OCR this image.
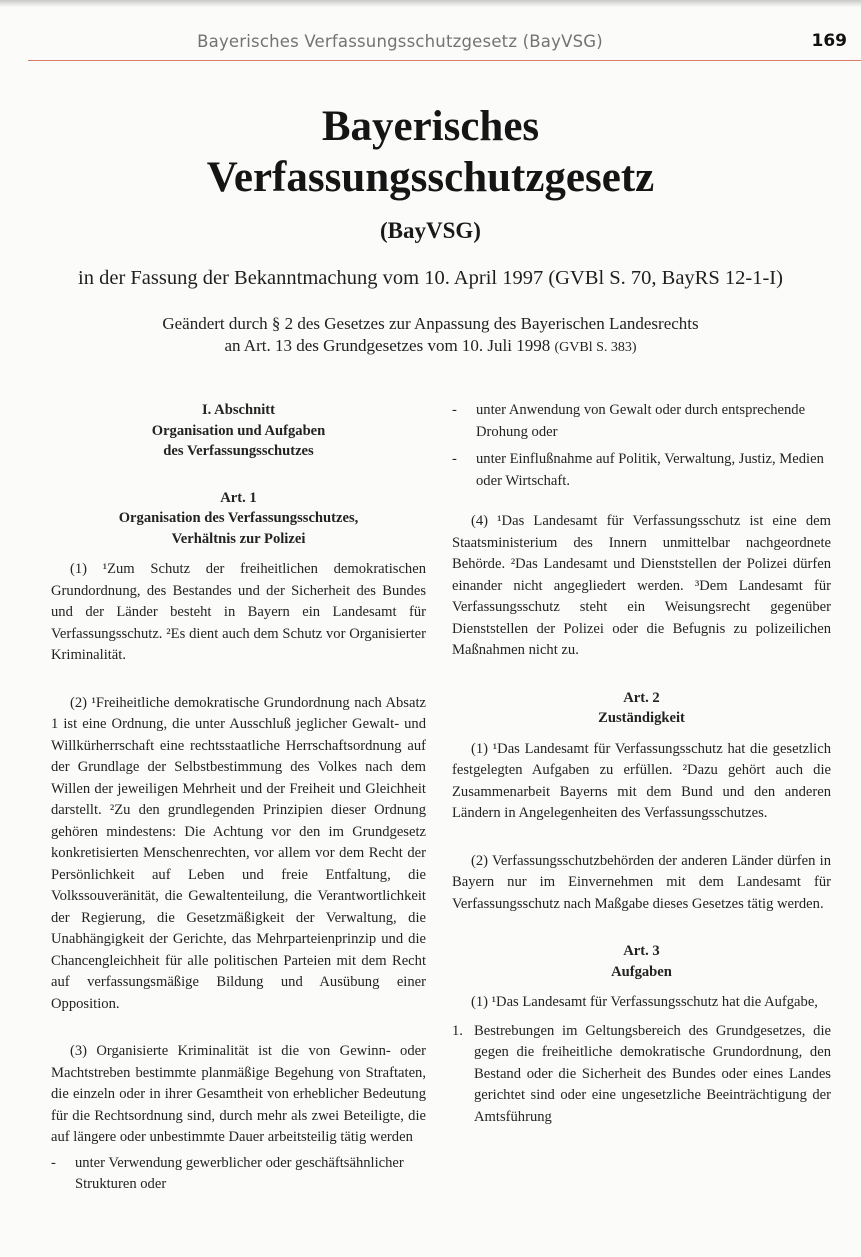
Bayerisches Verfassungsschutzgesetz (BayVSG)	169
Bayerisches
Verfassungsschutzgesetz
(BayVSG)
in der Fassung der Bekanntmachung vom 10. April 1997 (GVBl S. 70, BayRS 12-1-I)
Geändert durch § 2 des Gesetzes zur Anpassung des Bayerischen Landesrechts
an Art. 13 des Grundgesetzes vom 10. Juli 1998 (GVBl S. 383)
I. Abschnitt
Organisation und Aufgaben
des Verfassungsschutzes
Art. 1
Organisation des Verfassungsschutzes,
Verhältnis zur Polizei

(1) ¹Zum Schutz der freiheitlichen demokratischen Grundordnung, des Bestandes und der Sicherheit des Bundes und der Länder besteht in Bayern ein Landesamt für Verfassungsschutz. ²Es dient auch dem Schutz vor Organisierter Kriminalität.

(2) ¹Freiheitliche demokratische Grundordnung nach Absatz 1 ist eine Ordnung, die unter Ausschluß jeglicher Gewalt- und Willkürherrschaft eine rechtsstaatliche Herrschaftsordnung auf der Grundlage der Selbstbestimmung des Volkes nach dem Willen der jeweiligen Mehrheit und der Freiheit und Gleichheit darstellt. ²Zu den grundlegenden Prinzipien dieser Ordnung gehören mindestens: Die Achtung vor den im Grundgesetz konkretisierten Menschenrechten, vor allem vor dem Recht der Persönlichkeit auf Leben und freie Entfaltung, die Volkssouveränität, die Gewaltenteilung, die Verantwortlichkeit der Regierung, die Gesetzmäßigkeit der Verwaltung, die Unabhängigkeit der Gerichte, das Mehrparteienprinzip und die Chancengleichheit für alle politischen Parteien mit dem Recht auf verfassungsmäßige Bildung und Ausübung einer Opposition.

(3) Organisierte Kriminalität ist die von Gewinn- oder Machtstreben bestimmte planmäßige Begehung von Straftaten, die einzeln oder in ihrer Gesamtheit von erheblicher Bedeutung für die Rechtsordnung sind, durch mehr als zwei Beteiligte, die auf längere oder unbestimmte Dauer arbeitsteilig tätig werden

-	unter Verwendung gewerblicher oder geschäftsähnlicher Strukturen oder
-	unter Anwendung von Gewalt oder durch entsprechende Drohung oder
-	unter Einflußnahme auf Politik, Verwaltung, Justiz, Medien oder Wirtschaft.

(4) ¹Das Landesamt für Verfassungsschutz ist eine dem Staatsministerium des Innern unmittelbar nachgeordnete Behörde. ²Das Landesamt und Dienststellen der Polizei dürfen einander nicht angegliedert werden. ³Dem Landesamt für Verfassungsschutz steht ein Weisungsrecht gegenüber Dienststellen der Polizei oder die Befugnis zu polizeilichen Maßnahmen nicht zu.

Art. 2
Zuständigkeit

(1) ¹Das Landesamt für Verfassungsschutz hat die gesetzlich festgelegten Aufgaben zu erfüllen. ²Dazu gehört auch die Zusammenarbeit Bayerns mit dem Bund und den anderen Ländern in Angelegenheiten des Verfassungsschutzes.

(2) Verfassungsschutzbehörden der anderen Länder dürfen in Bayern nur im Einvernehmen mit dem Landesamt für Verfassungsschutz nach Maßgabe dieses Gesetzes tätig werden.

Art. 3
Aufgaben

(1) ¹Das Landesamt für Verfassungsschutz hat die Aufgabe,

1. Bestrebungen im Geltungsbereich des Grundgesetzes, die gegen die freiheitliche demokratische Grundordnung, den Bestand oder die Sicherheit des Bundes oder eines Landes gerichtet sind oder eine ungesetzliche Beeinträchtigung der Amtsführung
